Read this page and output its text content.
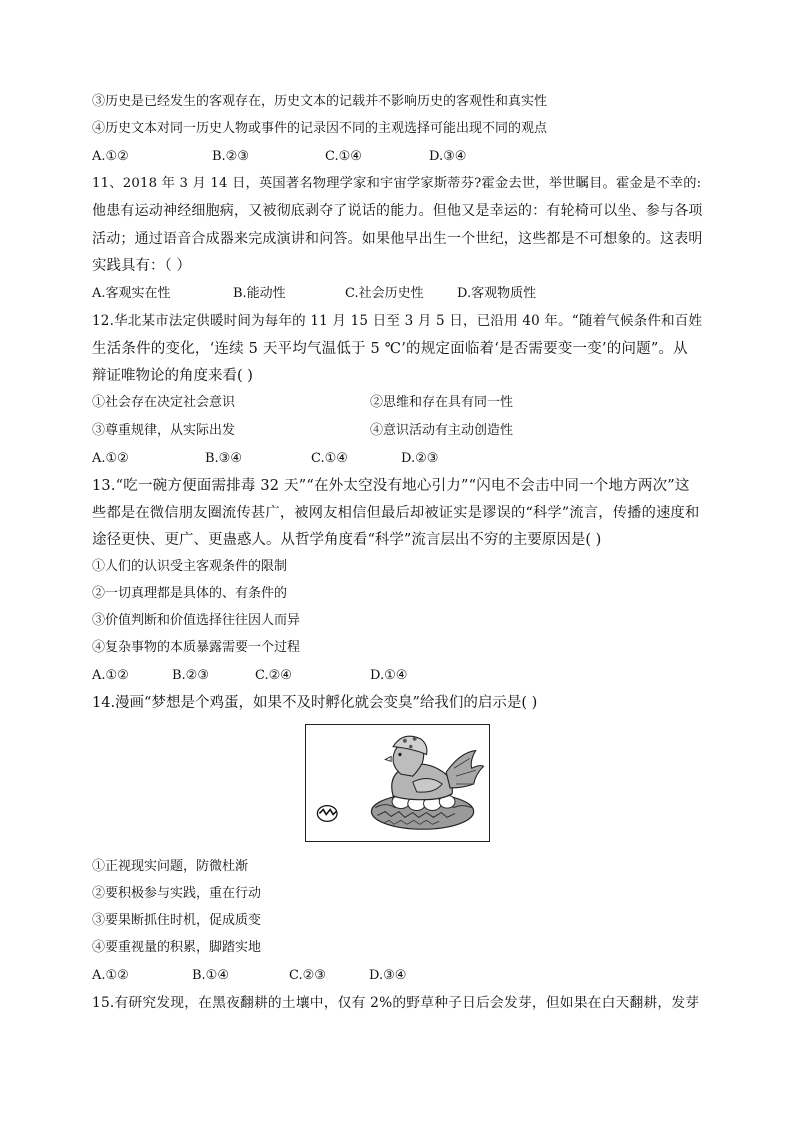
③历史是已经发生的客观存在，历史文本的记载并不影响历史的客观性和真实性
④历史文本对同一历史人物或事件的记录因不同的主观选择可能出现不同的观点
A.①②	B.②③	C.①④	D.③④
11、2018 年 3 月 14 日，英国著名物理学家和宇宙学家斯蒂芬?霍金去世，举世瞩目。霍金是不幸的:
他患有运动神经细胞病，又被彻底剥夺了说话的能力。但他又是幸运的：有轮椅可以坐、参与各项
活动；通过语音合成器来完成演讲和问答。如果他早出生一个世纪，这些都是不可想象的。这表明
实践具有：（ ）
A.客观实在性	B.能动性	C.社会历史性	D.客观物质性
12.华北某市法定供暖时间为每年的 11 月 15 日至 3 月 5 日，已沿用 40 年。“随着气候条件和百姓
生活条件的变化，‘连续 5 天平均气温低于 5 ℃’的规定面临着‘是否需要变一变’的问题”。从
辩证唯物论的角度来看( )
①社会存在决定社会意识	②思维和存在具有同一性
③尊重规律，从实际出发	④意识活动有主动创造性
A.①②	B.③④	C.①④	D.②③
13.“吃一碗方便面需排毒 32 天”“在外太空没有地心引力”“闪电不会击中同一个地方两次”这
些都是在微信朋友圈流传甚广，被网友相信但最后却被证实是谬误的“科学”流言，传播的速度和
途径更快、更广、更蛊惑人。从哲学角度看“科学”流言层出不穷的主要原因是( )
①人们的认识受主客观条件的限制
②一切真理都是具体的、有条件的
③价值判断和价值选择往往因人而异
④复杂事物的本质暴露需要一个过程
A.①②	B.②③	C.②④	D.①④
14.漫画“梦想是个鸡蛋，如果不及时孵化就会变臭”给我们的启示是( )
①正视现实问题，防微杜渐
②要积极参与实践，重在行动
③要果断抓住时机，促成质变
④要重视量的积累，脚踏实地
A.①②	B.①④	C.②③	D.③④
15.有研究发现，在黑夜翻耕的土壤中，仅有 2%的野草种子日后会发芽，但如果在白天翻耕，发芽
